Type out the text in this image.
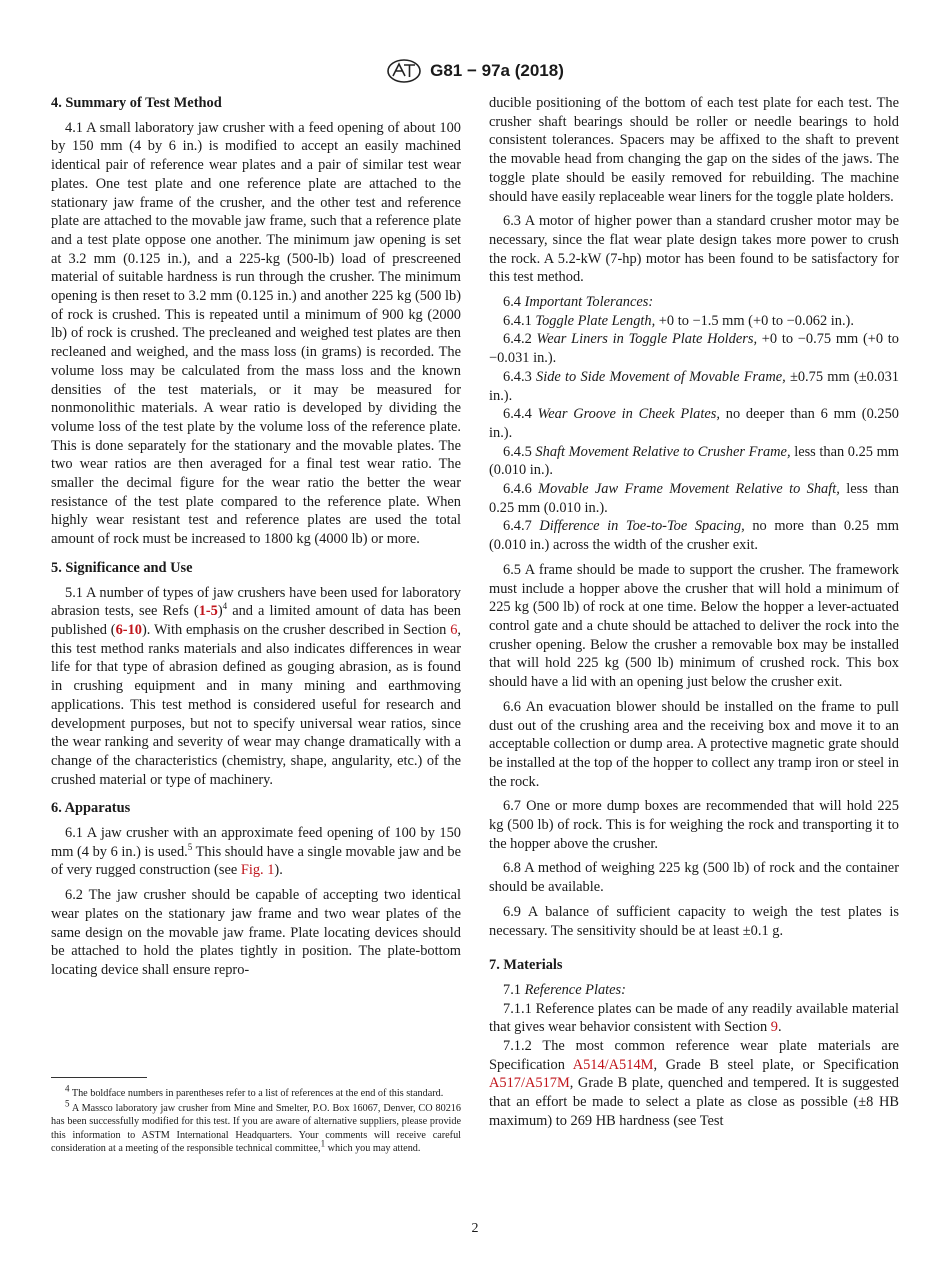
G81 − 97a (2018)
4. Summary of Test Method

4.1 A small laboratory jaw crusher with a feed opening of about 100 by 150 mm (4 by 6 in.) is modified to accept an easily machined identical pair of reference wear plates and a pair of similar test wear plates. One test plate and one reference plate are attached to the stationary jaw frame of the crusher, and the other test and reference plate are attached to the movable jaw frame, such that a reference plate and a test plate oppose one another. The minimum jaw opening is set at 3.2 mm (0.125 in.), and a 225-kg (500-lb) load of prescreened material of suitable hardness is run through the crusher. The minimum opening is then reset to 3.2 mm (0.125 in.) and another 225 kg (500 lb) of rock is crushed. This is repeated until a minimum of 900 kg (2000 lb) of rock is crushed. The precleaned and weighed test plates are then recleaned and weighed, and the mass loss (in grams) is recorded. The volume loss may be calculated from the mass loss and the known densities of the test materials, or it may be measured for nonmonolithic materials. A wear ratio is developed by dividing the volume loss of the test plate by the volume loss of the reference plate. This is done separately for the stationary and the movable plates. The two wear ratios are then averaged for a final test wear ratio. The smaller the decimal figure for the wear ratio the better the wear resistance of the test plate compared to the reference plate. When highly wear resistant test and reference plates are used the total amount of rock must be increased to 1800 kg (4000 lb) or more.

5. Significance and Use

5.1 A number of types of jaw crushers have been used for laboratory abrasion tests, see Refs $(1-5)^4$ and a limited amount of data has been published (6-10). With emphasis on the crusher described in Section 6, this test method ranks materials and also indicates differences in wear life for that type of abrasion defined as gouging abrasion, as is found in crushing equipment and in many mining and earthmoving applications. This test method is considered useful for research and development purposes, but not to specify universal wear ratios, since the wear ranking and severity of wear may change dramatically with a change of the characteristics (chemistry, shape, angularity, etc.) of the crushed material or type of machinery.

6. Apparatus

6.1 A jaw crusher with an approximate feed opening of 100 by 150 mm (4 by 6 in.) is used.$^5$ This should have a single movable jaw and be of very rugged construction (see Fig. 1).

6.2 The jaw crusher should be capable of accepting two identical wear plates on the stationary jaw frame and two wear plates of the same design on the movable jaw frame. Plate locating devices should be attached to hold the plates tightly in position. The plate-bottom locating device shall ensure repro-

$^4$ The boldface numbers in parentheses refer to a list of references at the end of this standard.

$^5$ A Massco laboratory jaw crusher from Mine and Smelter, P.O. Box 16067, Denver, CO 80216 has been successfully modified for this test. If you are aware of alternative suppliers, please provide this information to ASTM International Headquarters. Your comments will receive careful consideration at a meeting of the responsible technical committee,$^1$ which you may attend.

ducible positioning of the bottom of each test plate for each test. The crusher shaft bearings should be roller or needle bearings to hold consistent tolerances. Spacers may be affixed to the shaft to prevent the movable head from changing the gap on the sides of the jaws. The toggle plate should be easily removed for rebuilding. The machine should have easily replaceable wear liners for the toggle plate holders.

6.3 A motor of higher power than a standard crusher motor may be necessary, since the flat wear plate design takes more power to crush the rock. A 5.2-kW (7-hp) motor has been found to be satisfactory for this test method.

6.4 Important Tolerances:

6.4.1 Toggle Plate Length, +0 to −1.5 mm (+0 to −0.062 in.).

6.4.2 Wear Liners in Toggle Plate Holders, +0 to −0.75 mm (+0 to −0.031 in.).

6.4.3 Side to Side Movement of Movable Frame, ±0.75 mm (±0.031 in.).

6.4.4 Wear Groove in Cheek Plates, no deeper than 6 mm (0.250 in.).

6.4.5 Shaft Movement Relative to Crusher Frame, less than 0.25 mm (0.010 in.).

6.4.6 Movable Jaw Frame Movement Relative to Shaft, less than 0.25 mm (0.010 in.).

6.4.7 Difference in Toe-to-Toe Spacing, no more than 0.25 mm (0.010 in.) across the width of the crusher exit.

6.5 A frame should be made to support the crusher. The framework must include a hopper above the crusher that will hold a minimum of 225 kg (500 lb) of rock at one time. Below the hopper a lever-actuated control gate and a chute should be attached to deliver the rock into the crusher opening. Below the crusher a removable box may be installed that will hold 225 kg (500 lb) minimum of crushed rock. This box should have a lid with an opening just below the crusher exit.

6.6 An evacuation blower should be installed on the frame to pull dust out of the crushing area and the receiving box and move it to an acceptable collection or dump area. A protective magnetic grate should be installed at the top of the hopper to collect any tramp iron or steel in the rock.

6.7 One or more dump boxes are recommended that will hold 225 kg (500 lb) of rock. This is for weighing the rock and transporting it to the hopper above the crusher.

6.8 A method of weighing 225 kg (500 lb) of rock and the container should be available.

6.9 A balance of sufficient capacity to weigh the test plates is necessary. The sensitivity should be at least ±0.1 g.

7. Materials

7.1 Reference Plates:

7.1.1 Reference plates can be made of any readily available material that gives wear behavior consistent with Section 9.

7.1.2 The most common reference wear plate materials are Specification A514/A514M, Grade B steel plate, or Specification A517/A517M, Grade B plate, quenched and tempered. It is suggested that an effort be made to select a plate as close as possible (±8 HB maximum) to 269 HB hardness (see Test

2
